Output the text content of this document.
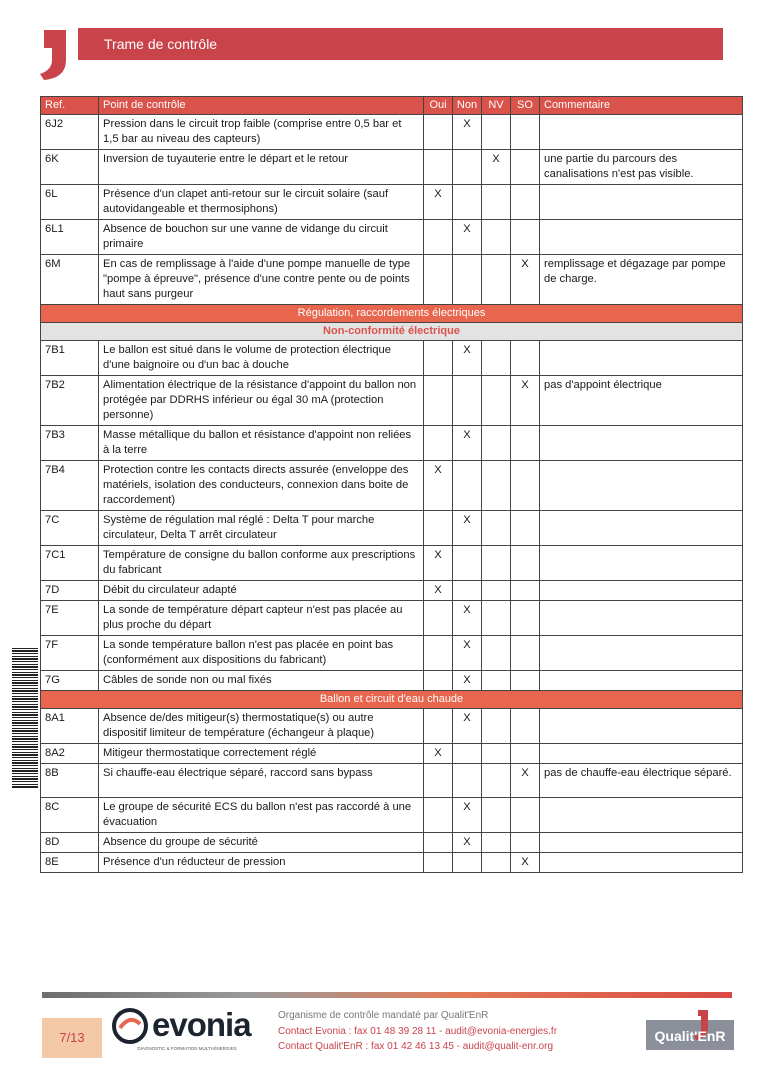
Trame de contrôle
Ref.	Point de contrôle	Oui	Non	NV	SO	Commentaire
6J2	Pression dans le circuit trop faible (comprise entre 0,5 bar et 1,5 bar au niveau des capteurs)		X			
6K	Inversion de tuyauterie entre le départ et le retour			X		une partie du parcours des canalisations n'est pas visible.
6L	Présence d'un clapet anti-retour sur le circuit solaire (sauf autovidangeable et thermosiphons)	X				
6L1	Absence de bouchon sur une vanne de vidange du circuit primaire		X			
6M	En cas de remplissage à l'aide d'une pompe manuelle de type "pompe à épreuve", présence d'une contre pente ou de points haut sans purgeur				X	remplissage et dégazage par pompe de charge.
Régulation, raccordements électriques						
Non-conformité électrique						
7B1	Le ballon est situé dans le volume de protection électrique d'une baignoire ou d'un bac à douche		X			
7B2	Alimentation électrique de la résistance d'appoint du ballon non protégée par DDRHS inférieur ou égal 30 mA (protection personne)				X	pas d'appoint électrique
7B3	Masse métallique du ballon et résistance d'appoint non reliées à la terre		X			
7B4	Protection contre les contacts directs assurée (enveloppe des matériels, isolation des conducteurs, connexion dans boite de raccordement)	X				
7C	Système de régulation mal réglé : Delta T pour marche circulateur, Delta T arrêt circulateur		X			
7C1	Température de consigne du ballon conforme aux prescriptions du fabricant	X				
7D	Débit du circulateur adapté	X				
7E	La sonde de température départ capteur n'est pas placée au plus proche du départ		X			
7F	La sonde température ballon n'est pas placée en point bas (conformément aux dispositions du fabricant)		X			
7G	Câbles de sonde non ou mal fixés		X			
Ballon et circuit d'eau chaude						
8A1	Absence de/des mitigeur(s) thermostatique(s) ou autre dispositif limiteur de température (échangeur à plaque)		X			
8A2	Mitigeur thermostatique correctement réglé	X				
8B	Si chauffe-eau électrique séparé, raccord sans bypass				X	pas de chauffe-eau électrique séparé.
8C	Le groupe de sécurité ECS du ballon n'est pas raccordé à une évacuation		X			
8D	Absence du groupe de sécurité		X			
8E	Présence d'un réducteur de pression				X	
7/13	evonia
DIAGNOSTIC & FORMATION MULTI-ÉNERGIES
Organisme de contrôle mandaté par Qualit'EnR
Contact Evonia : fax 01 48 39 28 11 - audit@evonia-energies.fr
Contact Qualit'EnR : fax 01 42 46 13 45 - audit@qualit-enr.org
Qualit'EnR
